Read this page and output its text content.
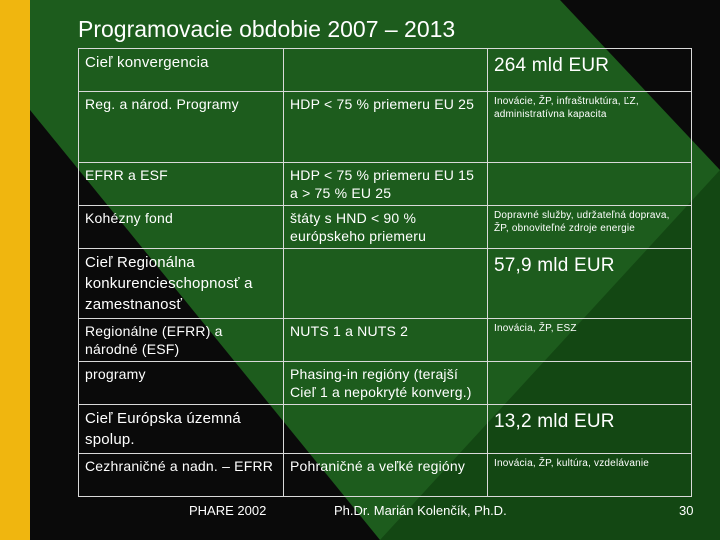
Programovacie obdobie 2007 – 2013
Cieľ konvergencia		264 mld EUR
Reg. a národ. Programy	HDP < 75 % priemeru EU 25	Inovácie, ŽP, infraštruktúra, ĽZ, administratívna kapacita
EFRR a ESF	HDP < 75 % priemeru EU 15 a > 75 % EU 25	
Kohézny fond	štáty s HND < 90 % európskeho priemeru	Dopravné služby, udržateľná doprava, ŽP, obnoviteľné zdroje energie
Cieľ Regionálna konkurencieschopnosť a zamestnanosť		57,9 mld EUR
Regionálne (EFRR) a národné (ESF)	NUTS 1 a NUTS 2	Inovácia, ŽP, ESZ
programy	Phasing-in regióny (terajší Cieľ 1 a nepokryté konverg.)	
Cieľ Európska územná spolup.		13,2 mld EUR
Cezhraničné a nadn. – EFRR	Pohraničné a veľké regióny	Inovácia, ŽP, kultúra, vzdelávanie
PHARE 2002	Ph.Dr. Marián Kolenčík, Ph.D.	30
